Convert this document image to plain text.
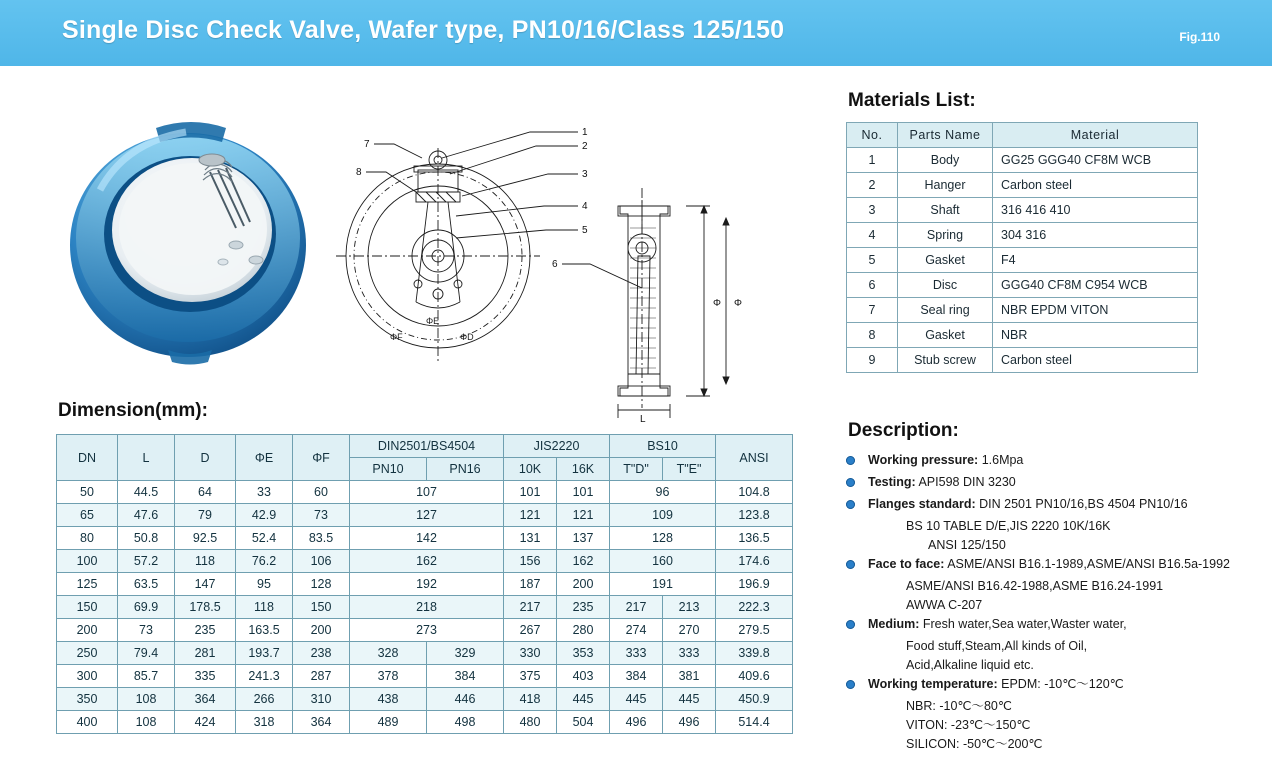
Single Disc Check Valve, Wafer type, PN10/16/Class 125/150	Fig.110
ΦE
ΦF	ΦD
1
2
3
4
5
6
7
8
L
Φ Φ
Materials List:
No.	Parts Name	Material
1	Body	GG25 GGG40 CF8M WCB
2	Hanger	Carbon steel
3	Shaft	316 416 410
4	Spring	304 316
5	Gasket	F4
6	Disc	GGG40 CF8M C954 WCB
7	Seal ring	NBR EPDM VITON
8	Gasket	NBR
9	Stub screw	Carbon steel
Dimension(mm):
DN	L	D	ΦE	ΦF	DIN2501/BS4504		JIS2220		BS10		ANSI
					PN10	PN16	10K	16K	T"D"	T"E"	
50	44.5	64	33	60	107		101	101	96		104.8
65	47.6	79	42.9	73	127		121	121	109		123.8
80	50.8	92.5	52.4	83.5	142		131	137	128		136.5
100	57.2	118	76.2	106	162		156	162	160		174.6
125	63.5	147	95	128	192		187	200	191		196.9
150	69.9	178.5	118	150	218		217	235	217	213	222.3
200	73	235	163.5	200	273		267	280	274	270	279.5
250	79.4	281	193.7	238	328	329	330	353	333	333	339.8
300	85.7	335	241.3	287	378	384	375	403	384	381	409.6
350	108	364	266	310	438	446	418	445	445	445	450.9
400	108	424	318	364	489	498	480	504	496	496	514.4
Description:
Working pressure: 1.6Mpa
Testing: API598 DIN 3230
Flanges standard: DIN 2501 PN10/16,BS 4504 PN10/16
BS 10 TABLE D/E,JIS 2220 10K/16K
ANSI 125/150
Face to face: ASME/ANSI B16.1-1989,ASME/ANSI B16.5a-1992
ASME/ANSI B16.42-1988,ASME B16.24-1991
AWWA C-207
Medium: Fresh water,Sea water,Waster water,
Food stuff,Steam,All kinds of Oil,
Acid,Alkaline liquid etc.
Working temperature: EPDM: -10℃～120℃
NBR: -10℃～80℃
VITON: -23℃～150℃
SILICON: -50℃～200℃
